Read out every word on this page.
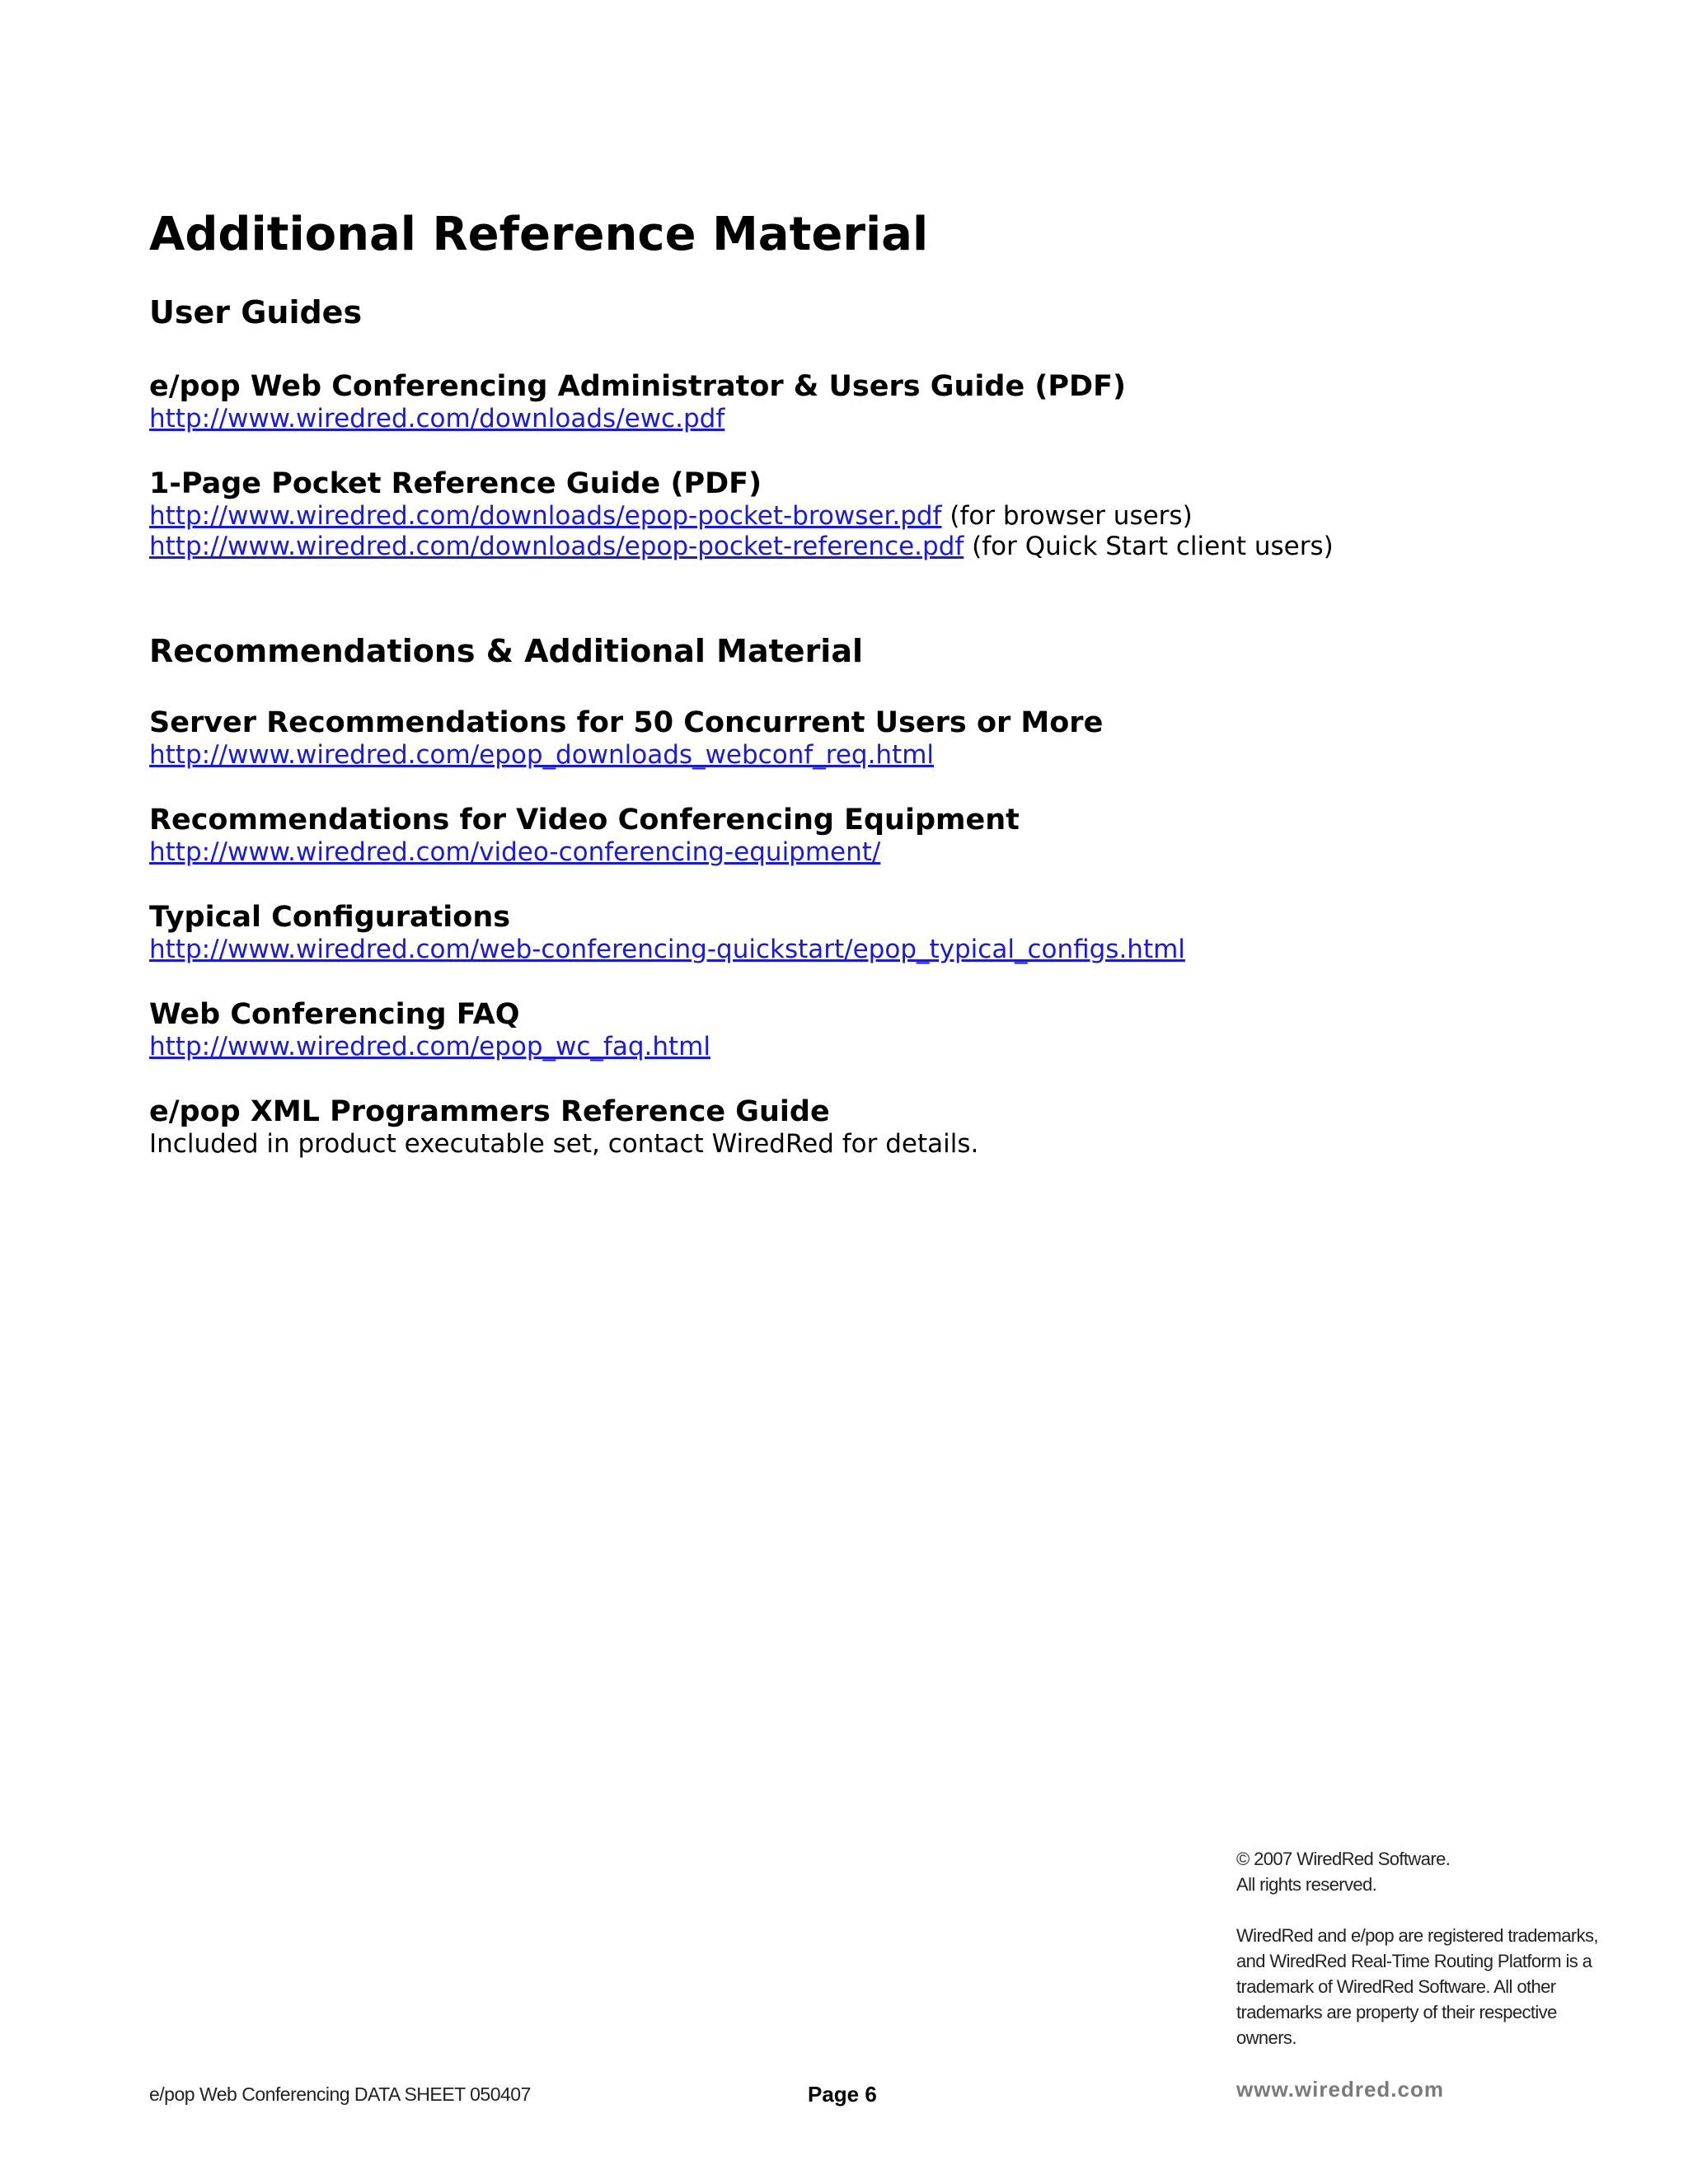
Additional Reference Material
User Guides
e/pop Web Conferencing Administrator & Users Guide (PDF)
http://www.wiredred.com/downloads/ewc.pdf
1-Page Pocket Reference Guide (PDF)
http://www.wiredred.com/downloads/epop-pocket-browser.pdf (for browser users)
http://www.wiredred.com/downloads/epop-pocket-reference.pdf (for Quick Start client users)
Recommendations & Additional Material
Server Recommendations for 50 Concurrent Users or More
http://www.wiredred.com/epop_downloads_webconf_req.html
Recommendations for Video Conferencing Equipment
http://www.wiredred.com/video-conferencing-equipment/
Typical Configurations
http://www.wiredred.com/web-conferencing-quickstart/epop_typical_configs.html
Web Conferencing FAQ
http://www.wiredred.com/epop_wc_faq.html
e/pop XML Programmers Reference Guide
Included in product executable set, contact WiredRed for details.

© 2007 WiredRed Software.

All rights reserved.

WiredRed and e/pop are registered trademarks,

and WiredRed Real-Time Routing Platform is a

trademark of WiredRed Software. All other

trademarks are property of their respective

owners.

e/pop Web Conferencing DATA SHEET 050407	Page 6	www.wiredred.com
